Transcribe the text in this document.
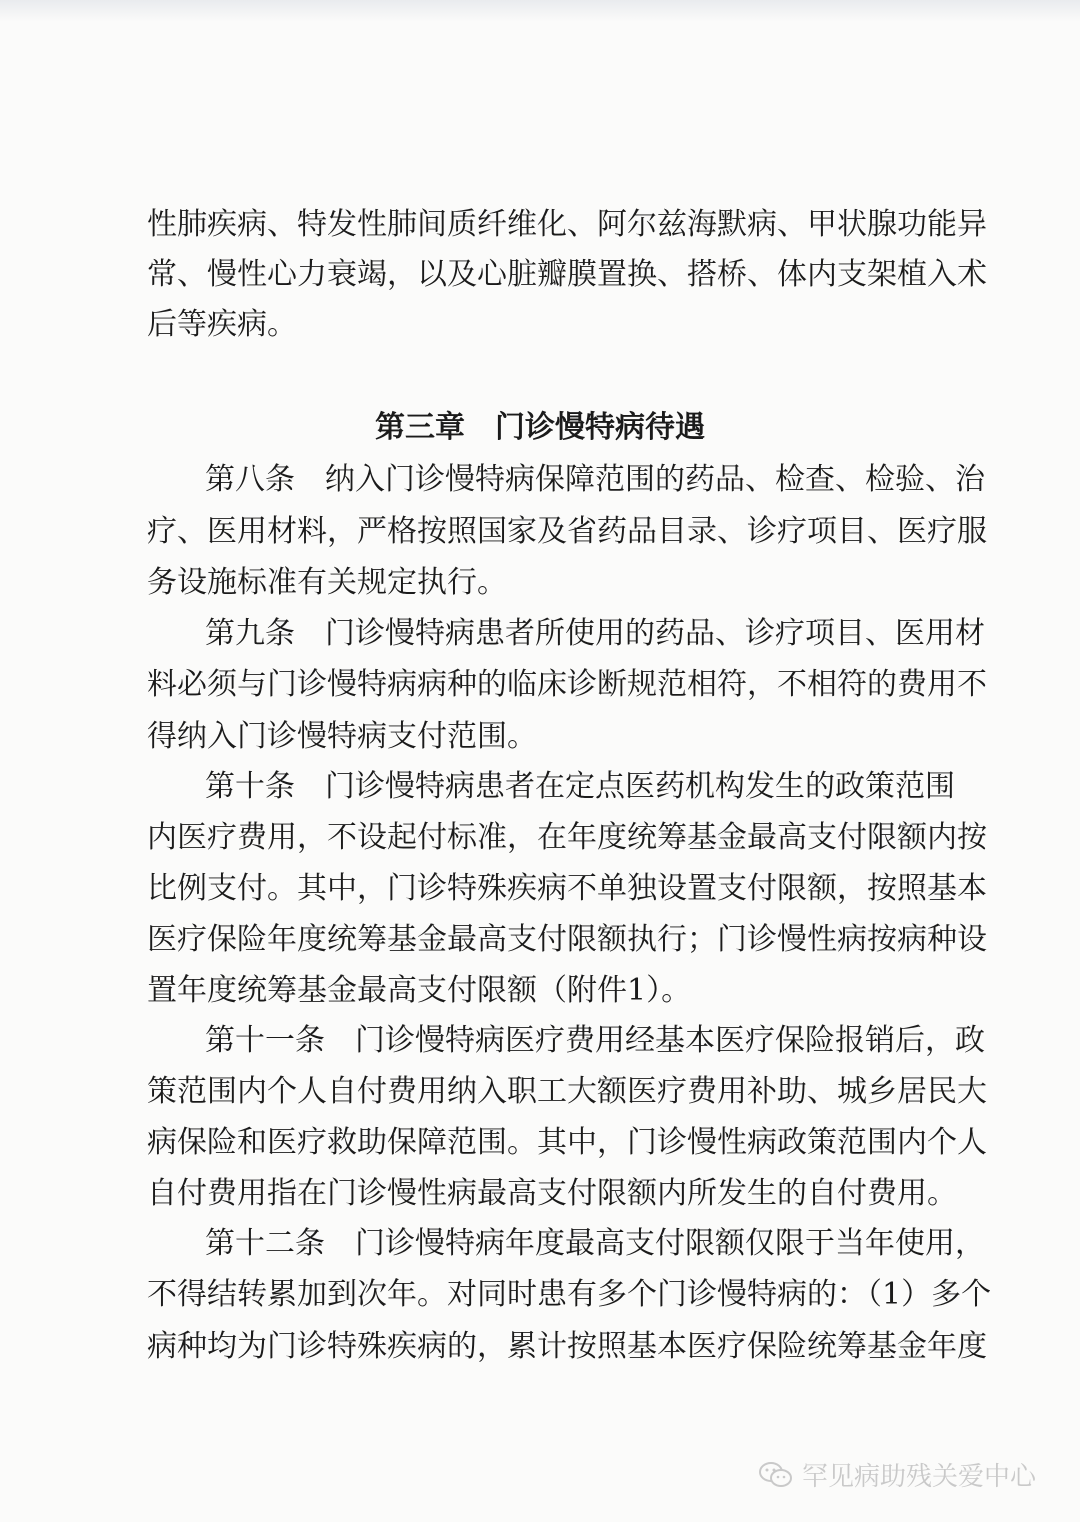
性肺疾病、特发性肺间质纤维化、阿尔兹海默病、甲状腺功能异
常、慢性心力衰竭，以及心脏瓣膜置换、搭桥、体内支架植入术
后等疾病。
第八条　纳入门诊慢特病保障范围的药品、检查、检验、治
疗、医用材料，严格按照国家及省药品目录、诊疗项目、医疗服
务设施标准有关规定执行。
第九条　门诊慢特病患者所使用的药品、诊疗项目、医用材
料必须与门诊慢特病病种的临床诊断规范相符，不相符的费用不
得纳入门诊慢特病支付范围。
第十条　门诊慢特病患者在定点医药机构发生的政策范围
内医疗费用，不设起付标准，在年度统筹基金最高支付限额内按
比例支付。其中，门诊特殊疾病不单独设置支付限额，按照基本
医疗保险年度统筹基金最高支付限额执行；门诊慢性病按病种设
置年度统筹基金最高支付限额（附件1）。
第十一条　门诊慢特病医疗费用经基本医疗保险报销后，政
策范围内个人自付费用纳入职工大额医疗费用补助、城乡居民大
病保险和医疗救助保障范围。其中，门诊慢性病政策范围内个人
自付费用指在门诊慢性病最高支付限额内所发生的自付费用。
第十二条　门诊慢特病年度最高支付限额仅限于当年使用，
不得结转累加到次年。对同时患有多个门诊慢特病的：（1）多个
病种均为门诊特殊疾病的，累计按照基本医疗保险统筹基金年度
第三章　门诊慢特病待遇
罕见病助残关爱中心
